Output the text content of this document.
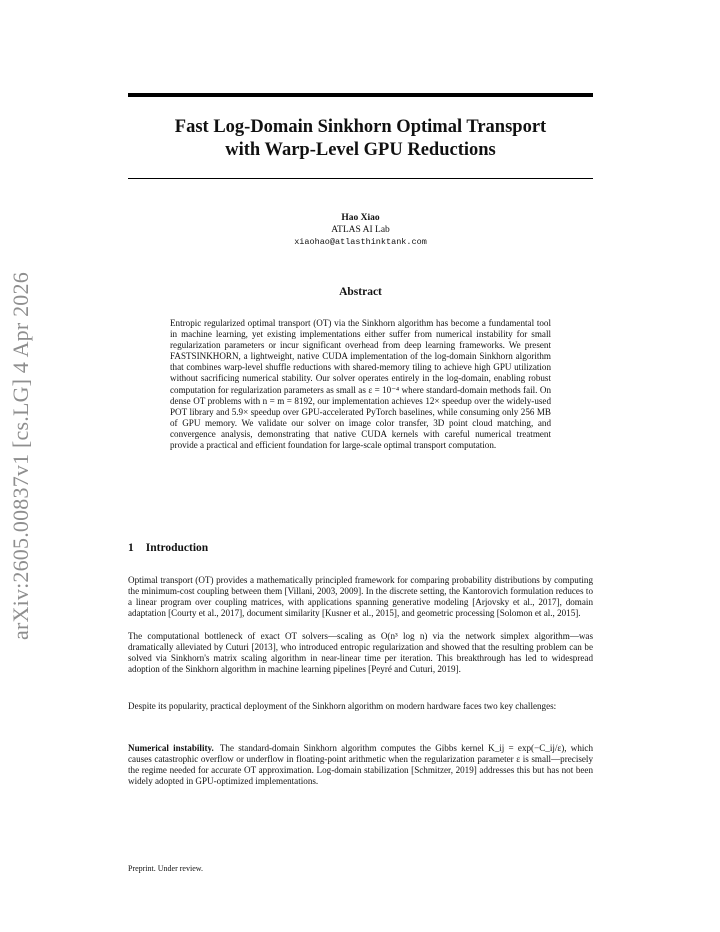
arXiv:2605.00837v1 [cs.LG] 4 Apr 2026
Fast Log-Domain Sinkhorn Optimal Transport
with Warp-Level GPU Reductions
Hao Xiao
ATLAS AI Lab
xiaohao@atlasthinktank.com
Abstract
Entropic regularized optimal transport (OT) via the Sinkhorn algorithm has become a fundamental tool in machine learning, yet existing implementations either suffer from numerical instability for small regularization parameters or incur significant overhead from deep learning frameworks. We present FASTSINKHORN, a lightweight, native CUDA implementation of the log-domain Sinkhorn algorithm that combines warp-level shuffle reductions with shared-memory tiling to achieve high GPU utilization without sacrificing numerical stability. Our solver operates entirely in the log-domain, enabling robust computation for regularization parameters as small as ε = 10⁻⁴ where standard-domain methods fail. On dense OT problems with n = m = 8192, our implementation achieves 12× speedup over the widely-used POT library and 5.9× speedup over GPU-accelerated PyTorch baselines, while consuming only 256 MB of GPU memory. We validate our solver on image color transfer, 3D point cloud matching, and convergence analysis, demonstrating that native CUDA kernels with careful numerical treatment provide a practical and efficient foundation for large-scale optimal transport computation.
1 Introduction
Optimal transport (OT) provides a mathematically principled framework for comparing probability distributions by computing the minimum-cost coupling between them [Villani, 2003, 2009]. In the discrete setting, the Kantorovich formulation reduces to a linear program over coupling matrices, with applications spanning generative modeling [Arjovsky et al., 2017], domain adaptation [Courty et al., 2017], document similarity [Kusner et al., 2015], and geometric processing [Solomon et al., 2015].
The computational bottleneck of exact OT solvers—scaling as O(n³ log n) via the network simplex algorithm—was dramatically alleviated by Cuturi [2013], who introduced entropic regularization and showed that the resulting problem can be solved via Sinkhorn's matrix scaling algorithm in near-linear time per iteration. This breakthrough has led to widespread adoption of the Sinkhorn algorithm in machine learning pipelines [Peyré and Cuturi, 2019].
Despite its popularity, practical deployment of the Sinkhorn algorithm on modern hardware faces two key challenges:
Numerical instability. The standard-domain Sinkhorn algorithm computes the Gibbs kernel K_ij = exp(−C_ij/ε), which causes catastrophic overflow or underflow in floating-point arithmetic when the regularization parameter ε is small—precisely the regime needed for accurate OT approximation. Log-domain stabilization [Schmitzer, 2019] addresses this but has not been widely adopted in GPU-optimized implementations.
Preprint. Under review.
